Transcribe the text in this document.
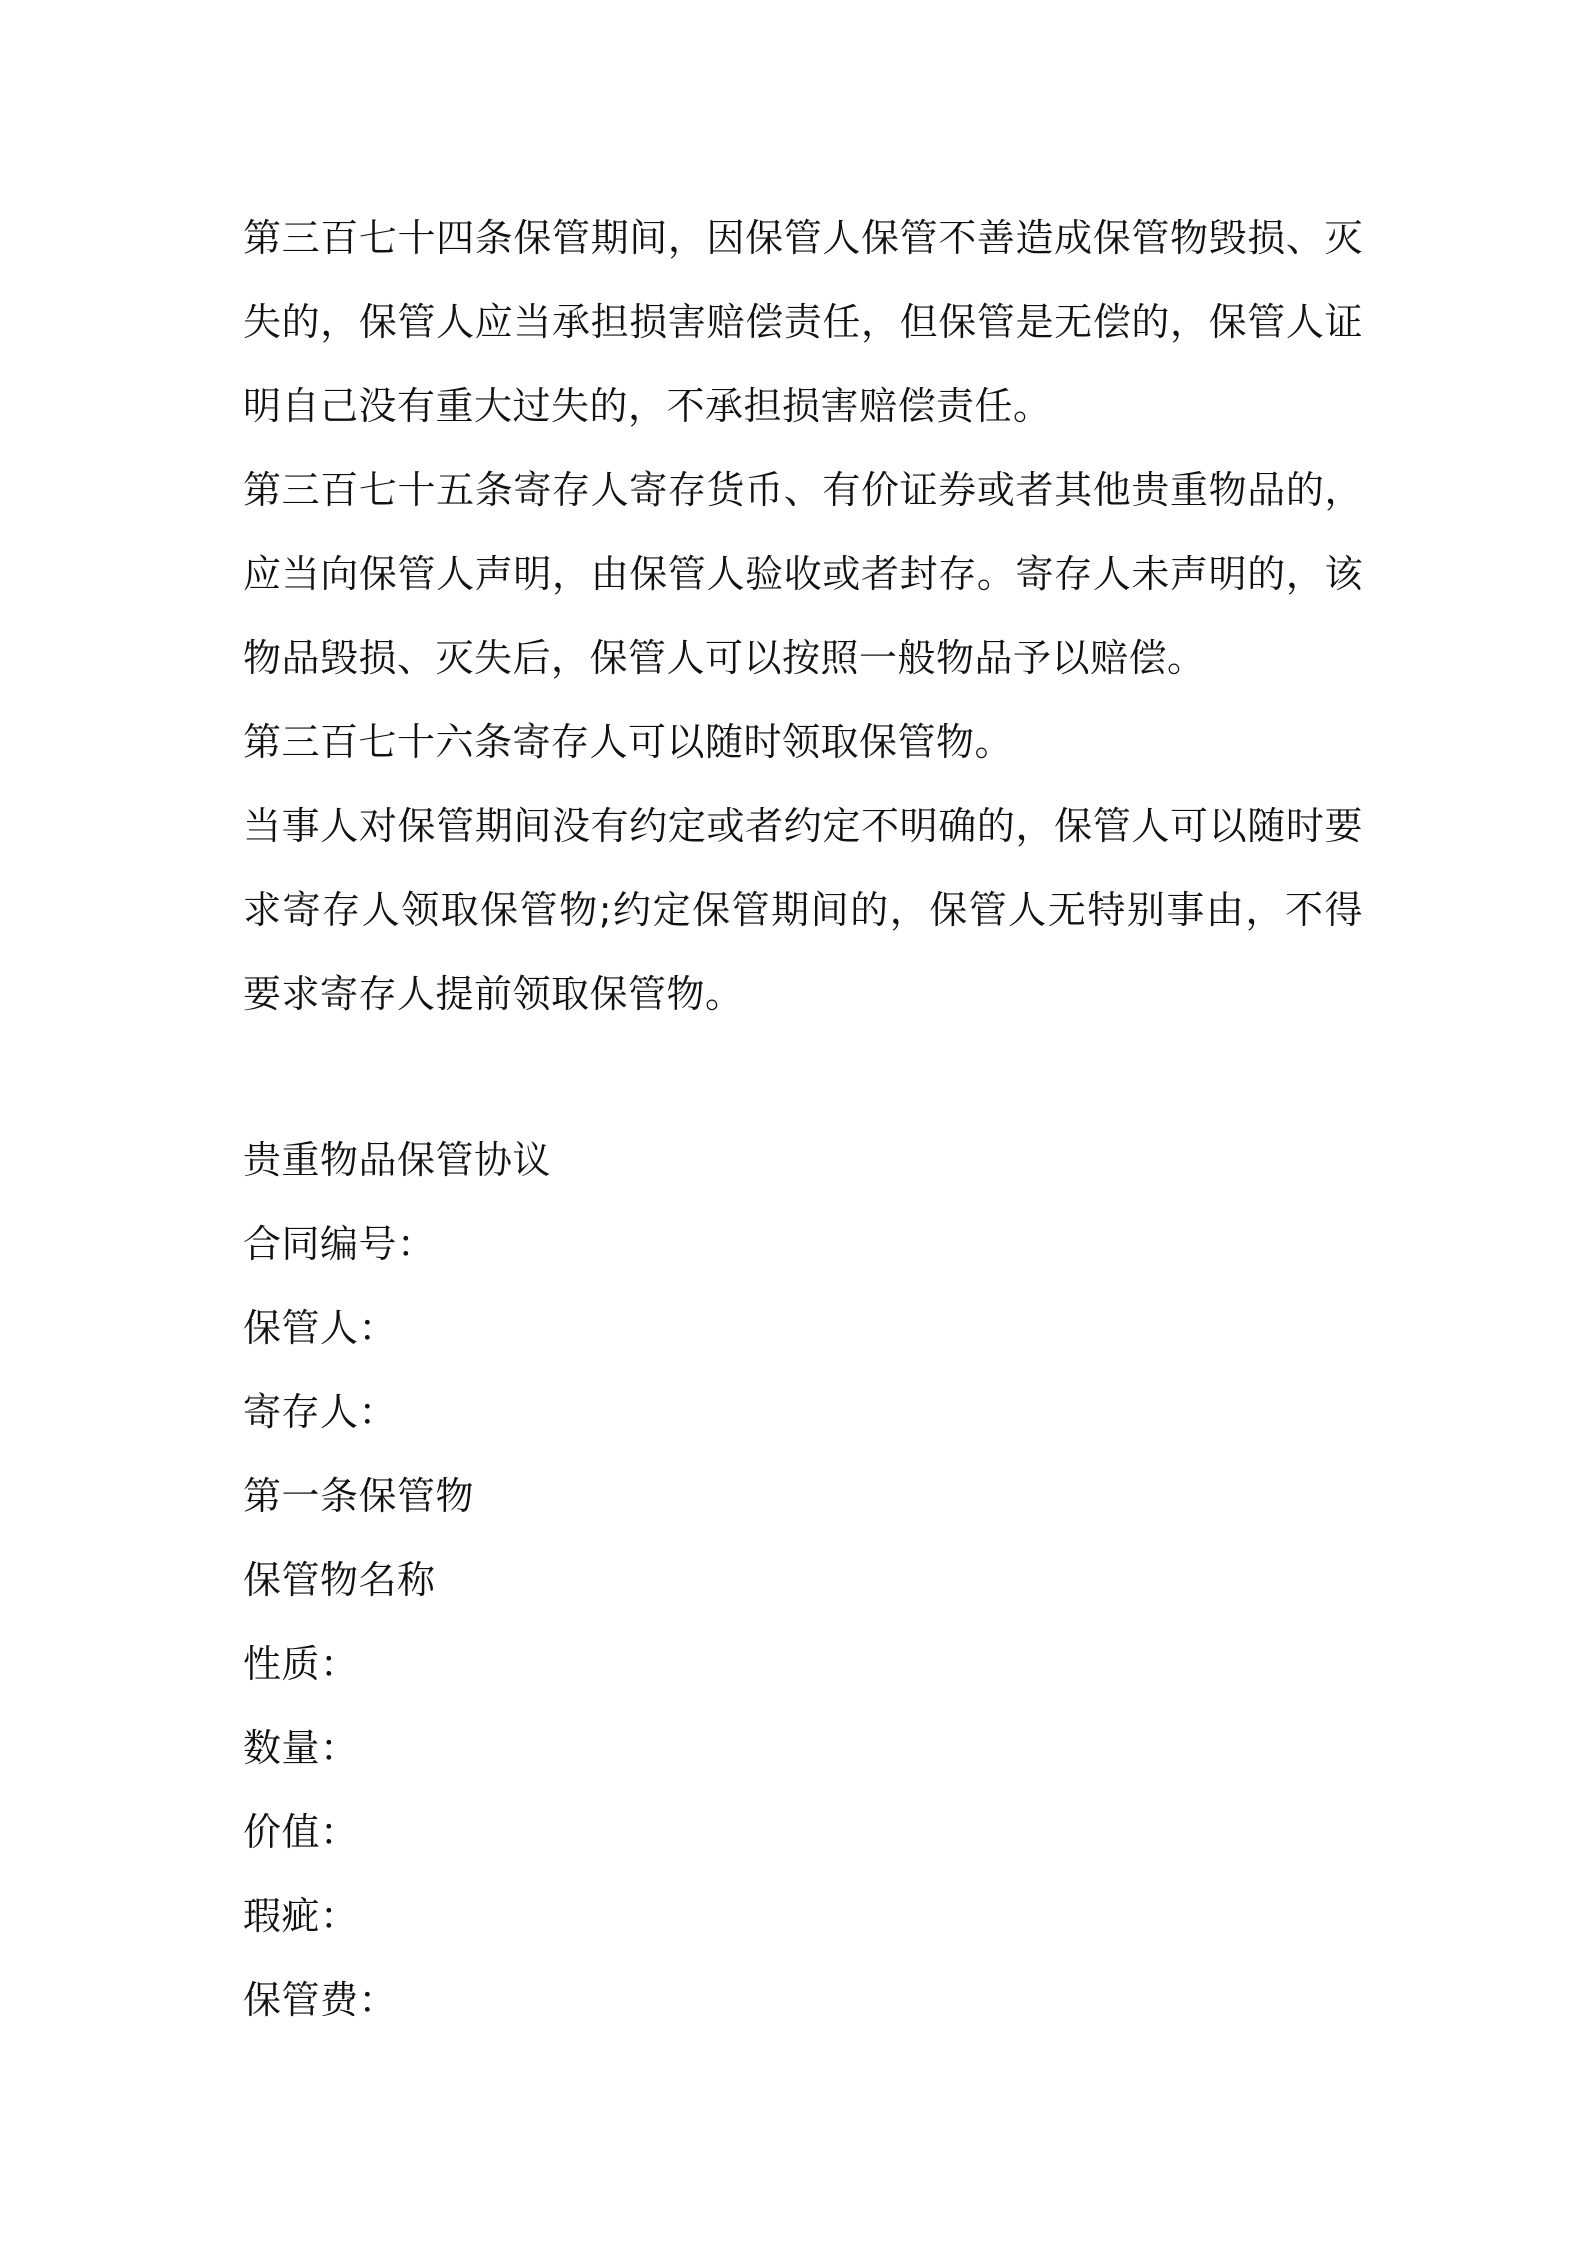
第三百七十四条保管期间，因保管人保管不善造成保管物毁损、灭失的，保管人应当承担损害赔偿责任，但保管是无偿的，保管人证明自己没有重大过失的，不承担损害赔偿责任。

第三百七十五条寄存人寄存货币、有价证券或者其他贵重物品的，应当向保管人声明，由保管人验收或者封存。寄存人未声明的，该物品毁损、灭失后，保管人可以按照一般物品予以赔偿。

第三百七十六条寄存人可以随时领取保管物。

当事人对保管期间没有约定或者约定不明确的，保管人可以随时要求寄存人领取保管物;约定保管期间的，保管人无特别事由，不得要求寄存人提前领取保管物。

贵重物品保管协议

合同编号：

保管人：

寄存人：

第一条保管物

保管物名称

性质：

数量：

价值：

瑕疵：

保管费：
